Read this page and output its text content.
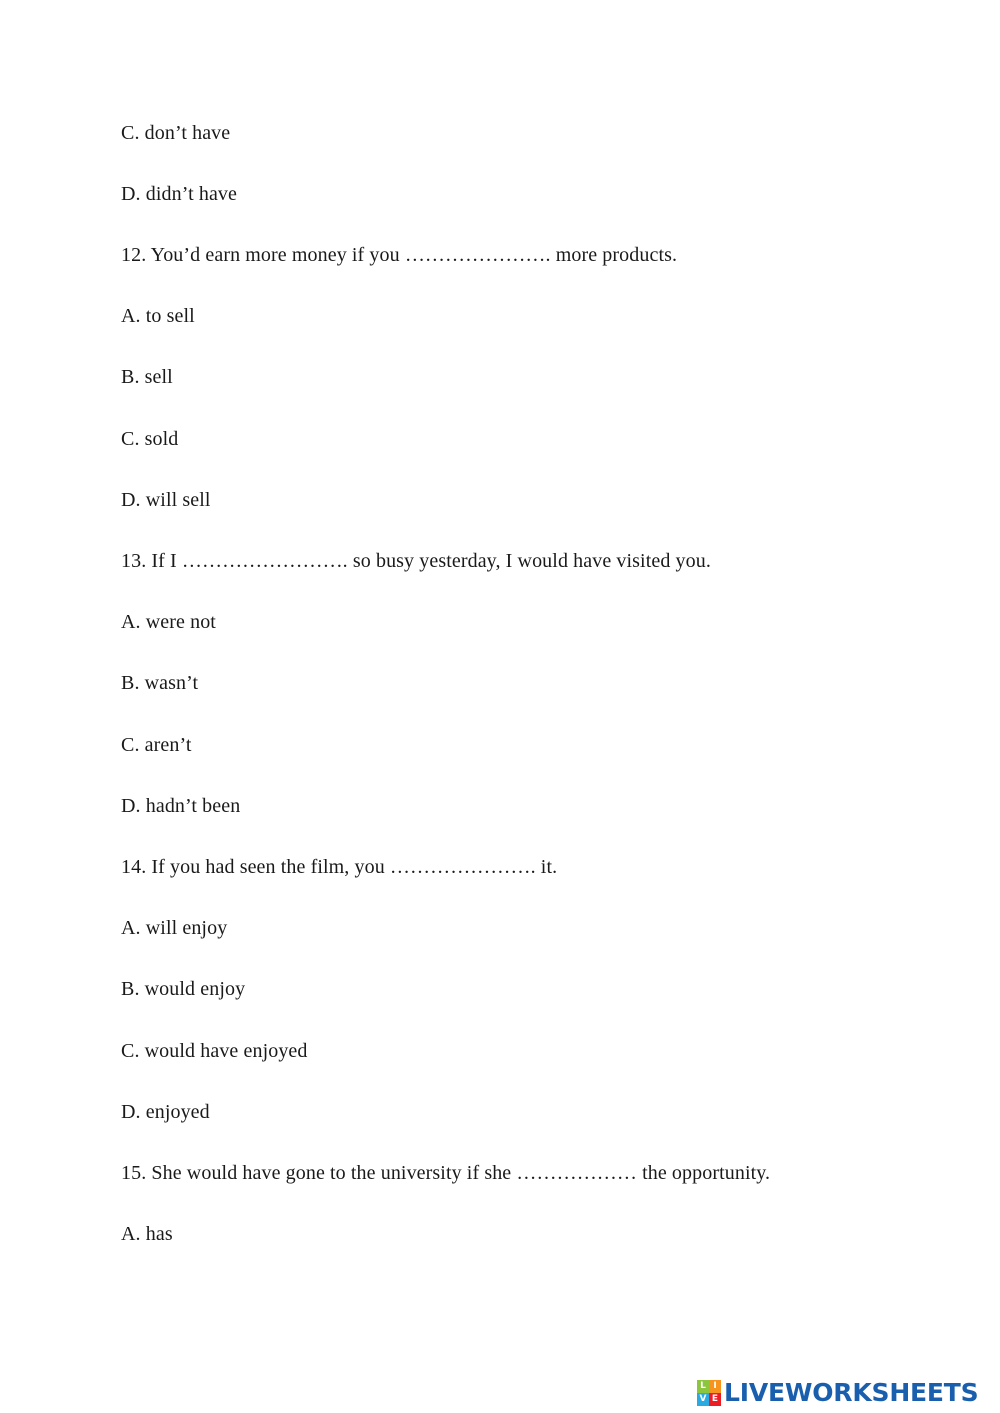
C. don’t have
D. didn’t have
12. You’d earn more money if you …………………. more products.
A. to sell
B. sell
C. sold
D. will sell
13. If I ……………………. so busy yesterday, I would have visited you.
A. were not
B. wasn’t
C. aren’t
D. hadn’t been
14. If you had seen the film, you …………………. it.
A. will enjoy
B. would enjoy
C. would have enjoyed
D. enjoyed
15. She would have gone to the university if she ……………… the opportunity.
A. has
L I
V E LIVEWORKSHEETS
